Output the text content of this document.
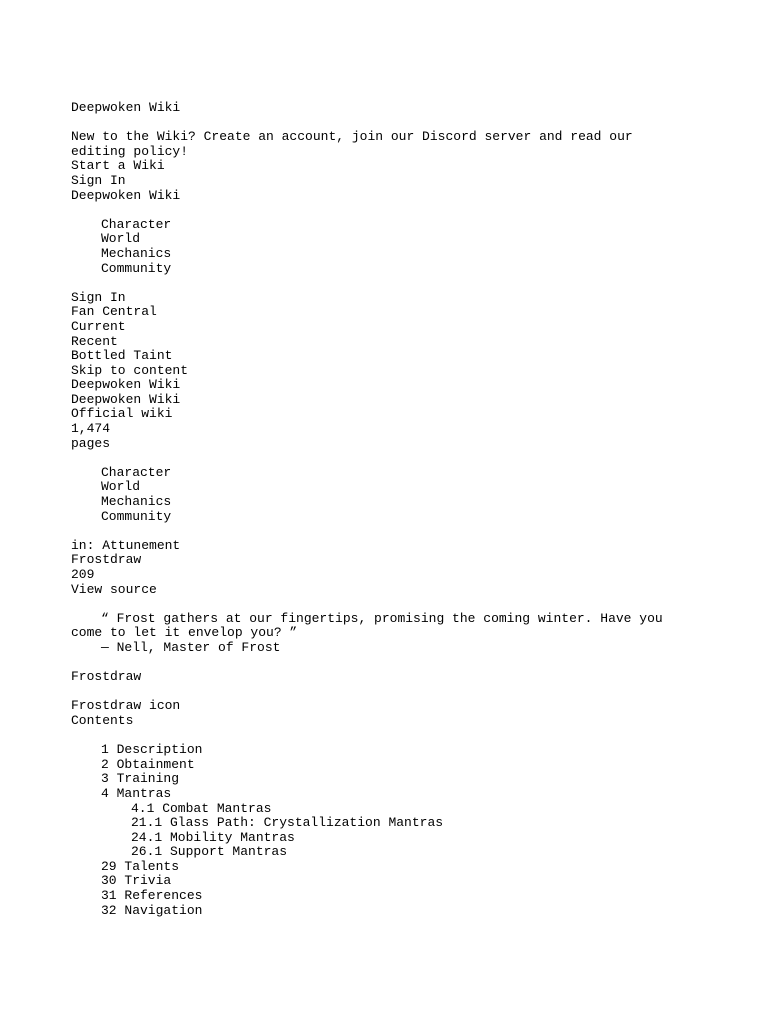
Deepwoken Wiki
New to the Wiki? Create an account, join our Discord server and read our editing policy!
Start a Wiki
Sign In
Deepwoken Wiki
Character
World
Mechanics
Community
Sign In
Fan Central
Current
Recent
Bottled Taint
Skip to content
Deepwoken Wiki
Deepwoken Wiki
Official wiki
1,474
pages
Character
World
Mechanics
Community
in: Attunement
Frostdraw
209
View source
“ Frost gathers at our fingertips, promising the coming winter. Have you come to let it envelop you? ”
— Nell, Master of Frost
Frostdraw
Frostdraw icon
Contents
1 Description
2 Obtainment
3 Training
4 Mantras
4.1 Combat Mantras
21.1 Glass Path: Crystallization Mantras
24.1 Mobility Mantras
26.1 Support Mantras
29 Talents
30 Trivia
31 References
32 Navigation
